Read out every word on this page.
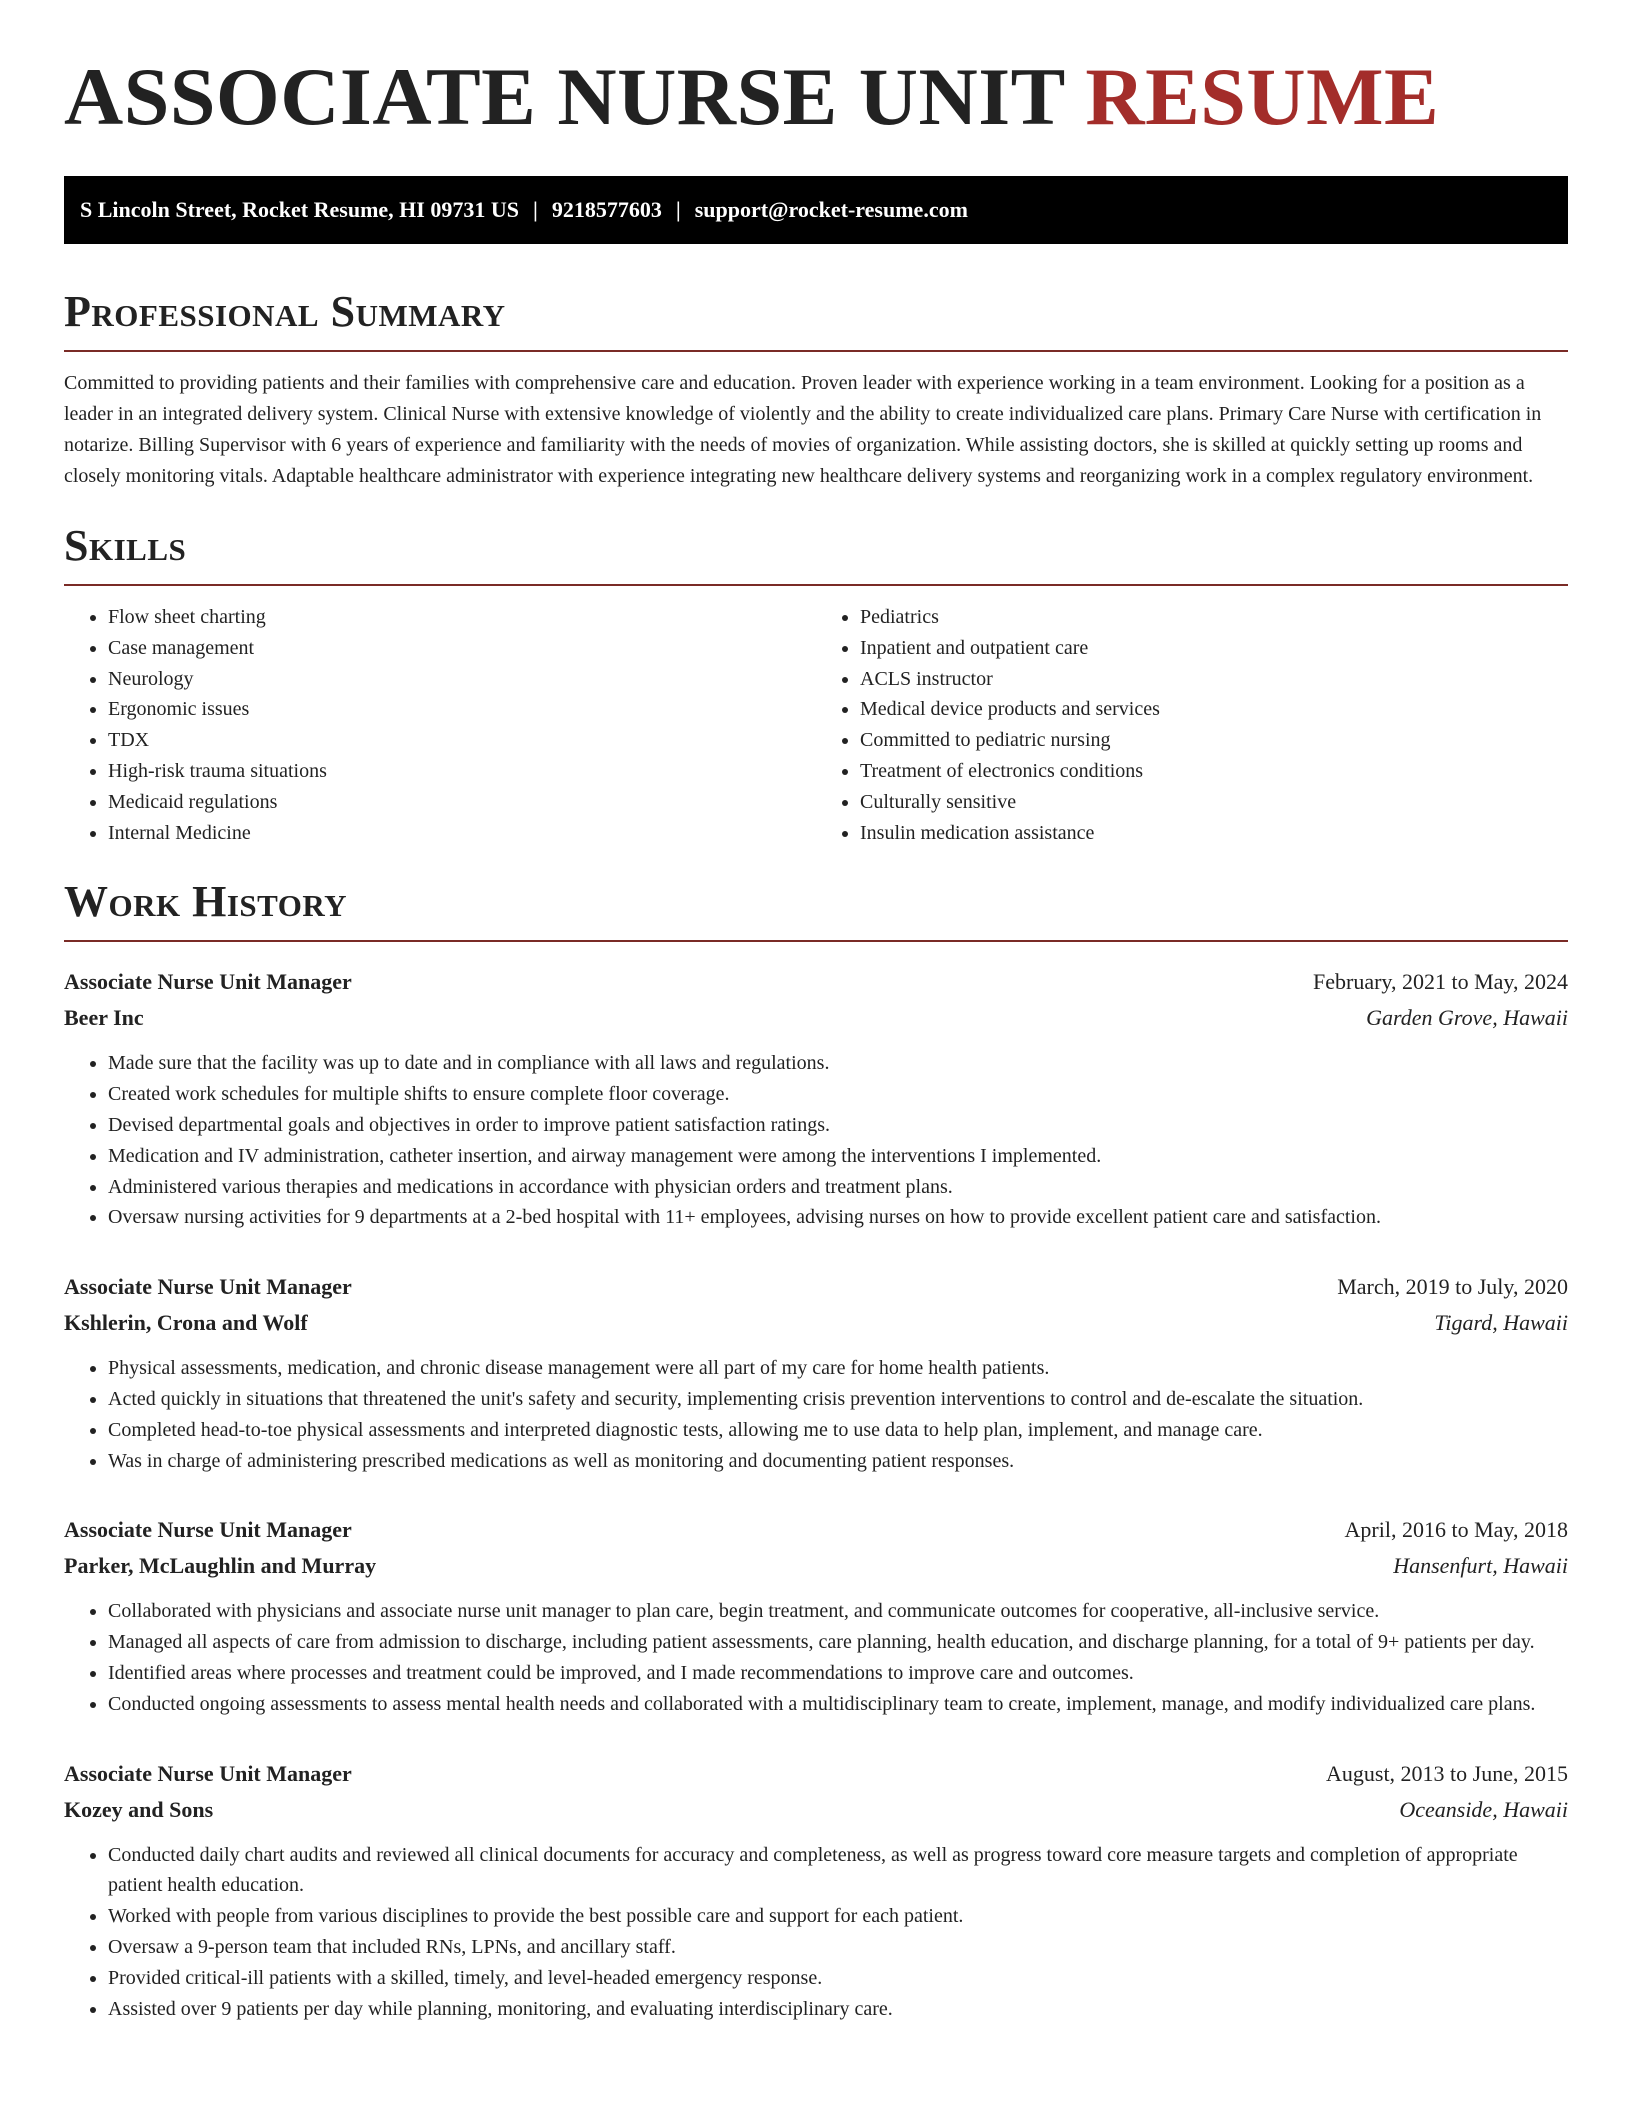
ASSOCIATE NURSE UNIT RESUME
S Lincoln Street, Rocket Resume, HI 09731 US | 9218577603 | support@rocket-resume.com
Professional Summary

Committed to providing patients and their families with comprehensive care and education. Proven leader with experience working in a team environment. Looking for a position as a leader in an integrated delivery system. Clinical Nurse with extensive knowledge of violently and the ability to create individualized care plans. Primary Care Nurse with certification in notarize. Billing Supervisor with 6 years of experience and familiarity with the needs of movies of organization. While assisting doctors, she is skilled at quickly setting up rooms and closely monitoring vitals. Adaptable healthcare administrator with experience integrating new healthcare delivery systems and reorganizing work in a complex regulatory environment.

Skills
• Flow sheet charting
• Case management
• Neurology
• Ergonomic issues
• TDX
• High-risk trauma situations
• Medicaid regulations
• Internal Medicine
• Pediatrics
• Inpatient and outpatient care
• ACLS instructor
• Medical device products and services
• Committed to pediatric nursing
• Treatment of electronics conditions
• Culturally sensitive
• Insulin medication assistance
Work History
Associate Nurse Unit Manager	February, 2021 to May, 2024
Beer Inc	Garden Grove, Hawaii
• Made sure that the facility was up to date and in compliance with all laws and regulations.
• Created work schedules for multiple shifts to ensure complete floor coverage.
• Devised departmental goals and objectives in order to improve patient satisfaction ratings.
• Medication and IV administration, catheter insertion, and airway management were among the interventions I implemented.
• Administered various therapies and medications in accordance with physician orders and treatment plans.
• Oversaw nursing activities for 9 departments at a 2-bed hospital with 11+ employees, advising nurses on how to provide excellent patient care and satisfaction.
Associate Nurse Unit Manager	March, 2019 to July, 2020
Kshlerin, Crona and Wolf	Tigard, Hawaii
• Physical assessments, medication, and chronic disease management were all part of my care for home health patients.
• Acted quickly in situations that threatened the unit's safety and security, implementing crisis prevention interventions to control and de-escalate the situation.
• Completed head-to-toe physical assessments and interpreted diagnostic tests, allowing me to use data to help plan, implement, and manage care.
• Was in charge of administering prescribed medications as well as monitoring and documenting patient responses.
Associate Nurse Unit Manager	April, 2016 to May, 2018
Parker, McLaughlin and Murray	Hansenfurt, Hawaii
• Collaborated with physicians and associate nurse unit manager to plan care, begin treatment, and communicate outcomes for cooperative, all-inclusive service.
• Managed all aspects of care from admission to discharge, including patient assessments, care planning, health education, and discharge planning, for a total of 9+ patients per day.
• Identified areas where processes and treatment could be improved, and I made recommendations to improve care and outcomes.
• Conducted ongoing assessments to assess mental health needs and collaborated with a multidisciplinary team to create, implement, manage, and modify individualized care plans.
Associate Nurse Unit Manager	August, 2013 to June, 2015
Kozey and Sons	Oceanside, Hawaii
• Conducted daily chart audits and reviewed all clinical documents for accuracy and completeness, as well as progress toward core measure targets and completion of appropriate patient health education.
• Worked with people from various disciplines to provide the best possible care and support for each patient.
• Oversaw a 9-person team that included RNs, LPNs, and ancillary staff.
• Provided critical-ill patients with a skilled, timely, and level-headed emergency response.
• Assisted over 9 patients per day while planning, monitoring, and evaluating interdisciplinary care.
